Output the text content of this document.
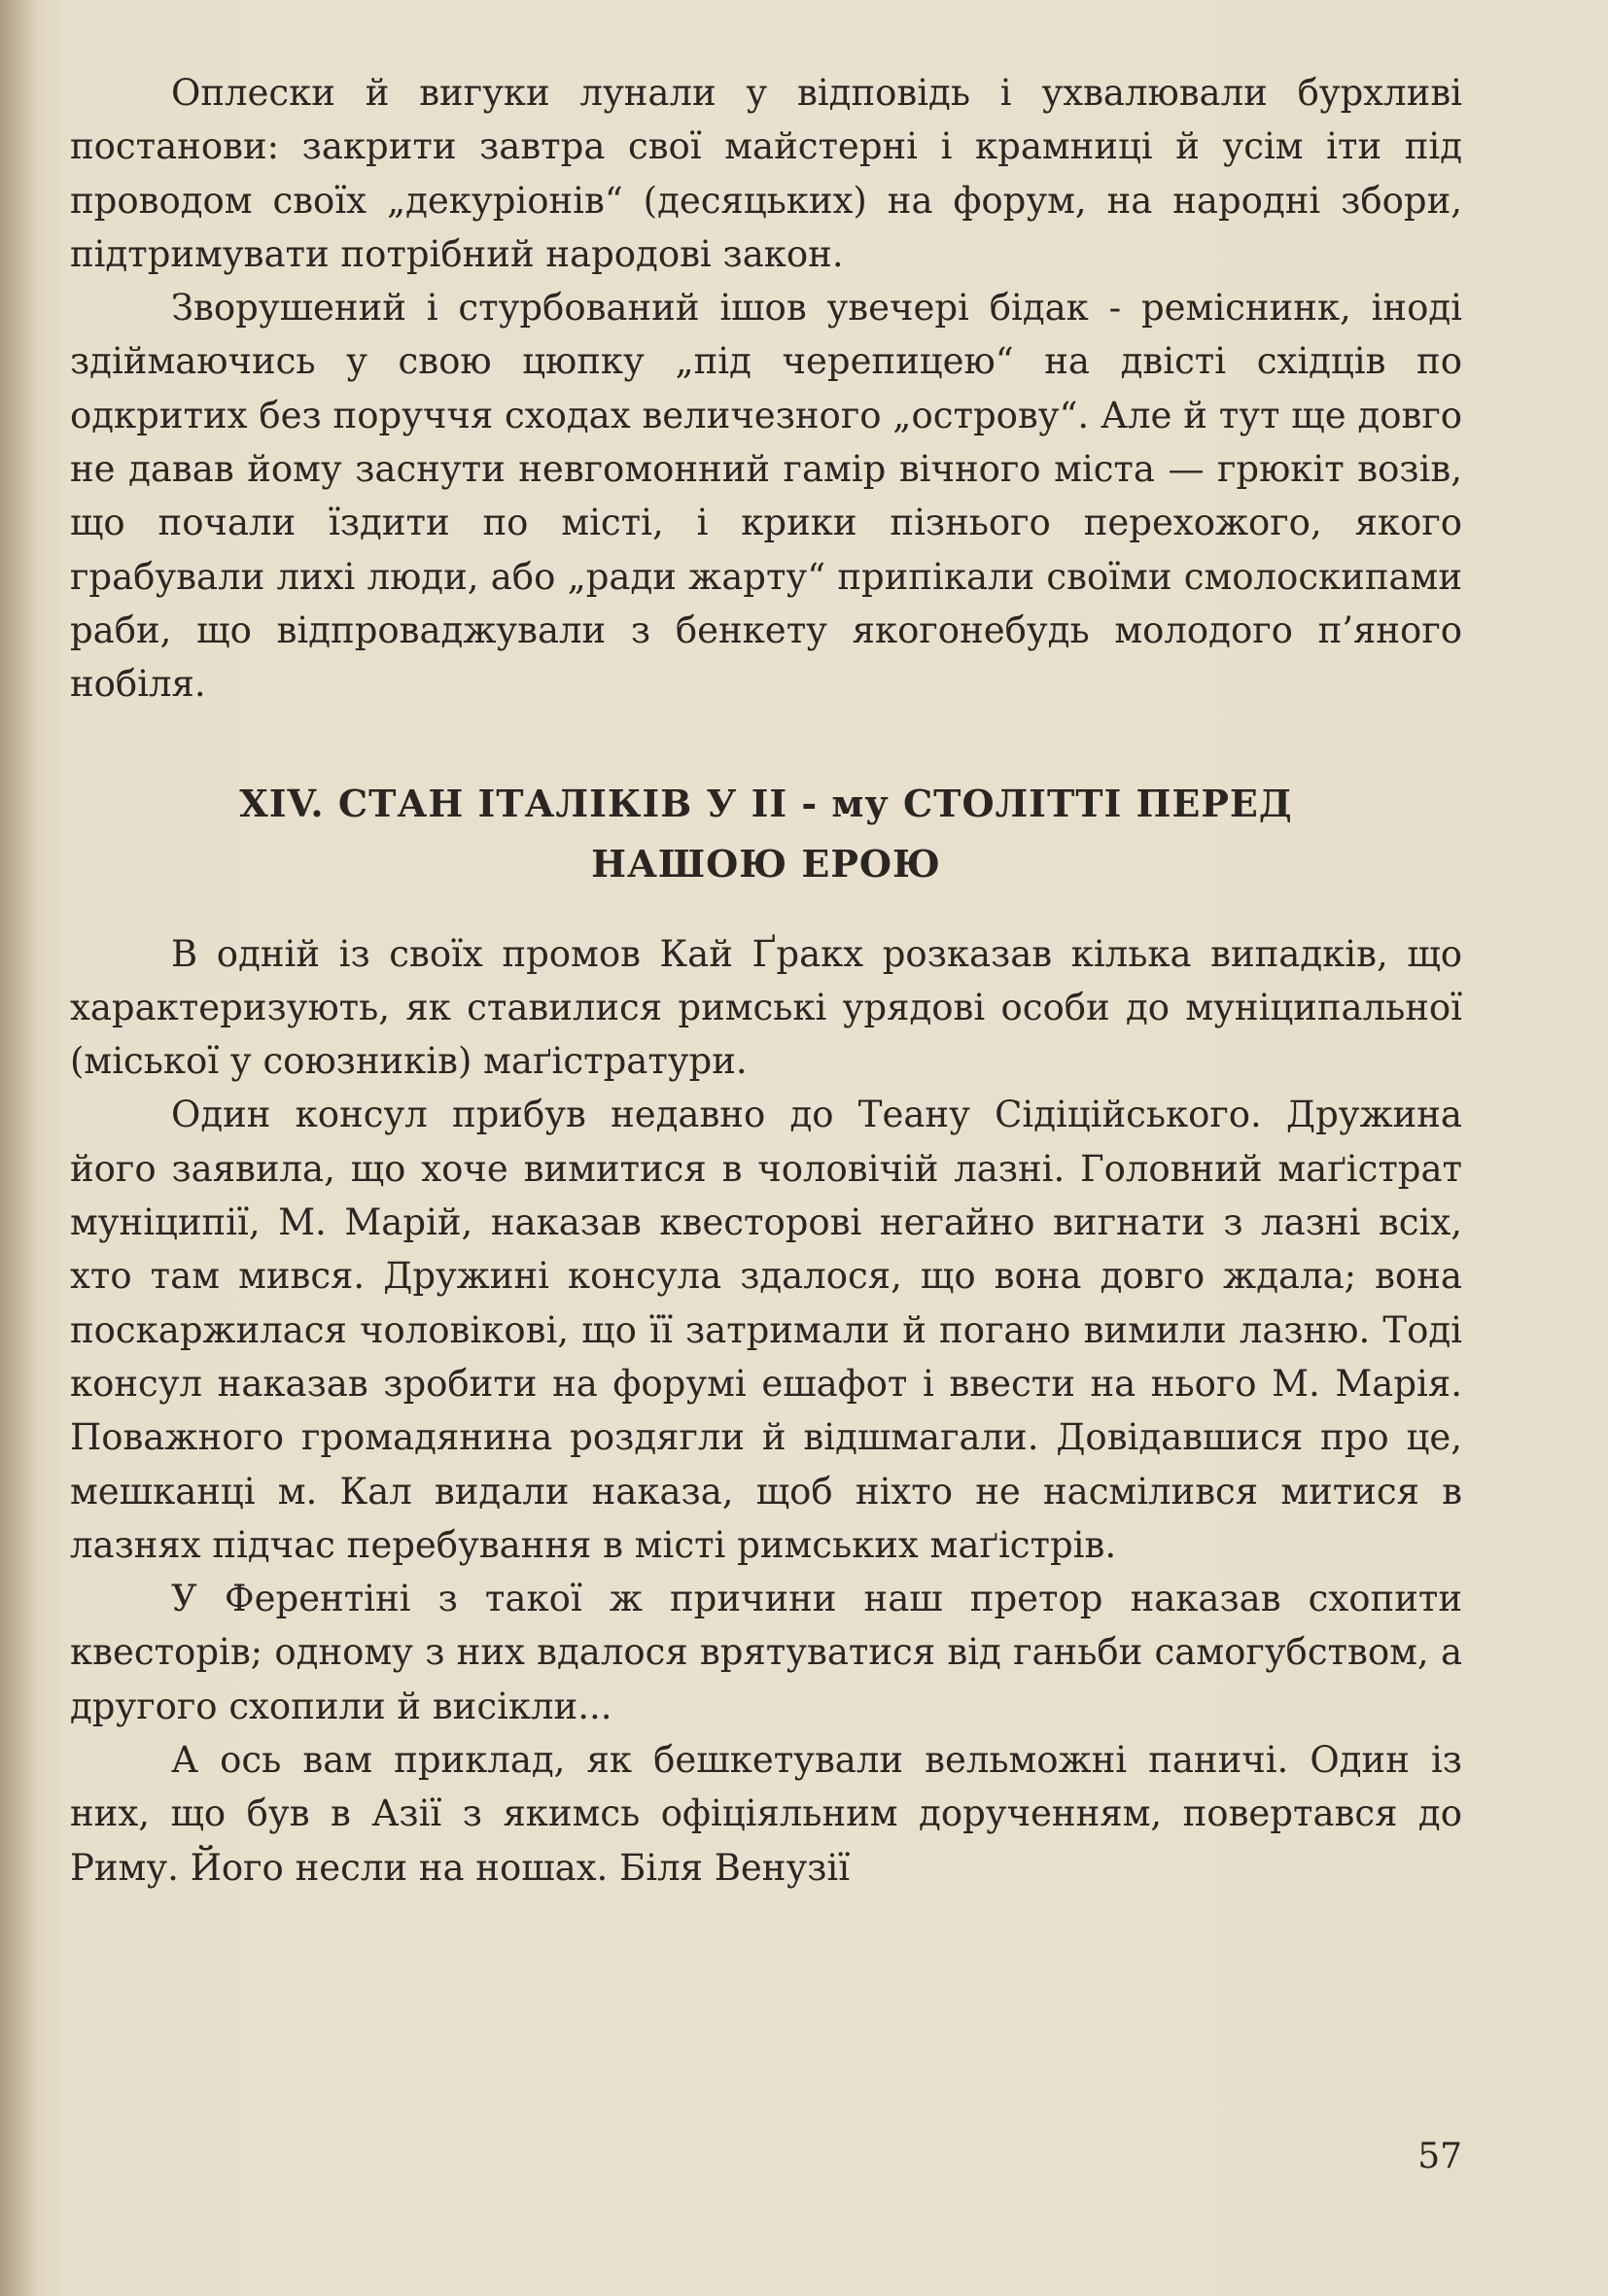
Оплески й вигуки лунали у відповідь і ухвалювали бурхливі постанови: закрити завтра свої майстерні і крамниці й усім іти під проводом своїх „декуріонів“ (десяцьких) на форум, на народні збори, підтримувати потрібний народові закон.

Зворушений і стурбований ішов увечері бідак - реміснинк, іноді здіймаючись у свою цюпку „під черепицею“ на двісті східців по одкритих без поруччя сходах величезного „острову“. Але й тут ще довго не давав йому заснути невгомонний гамір вічного міста — грюкіт возів, що почали їздити по місті, і крики пізнього перехожого, якого грабували лихі люди, або „ради жарту“ припікали своїми смолоскипами раби, що відпроваджували з бенкету якогонебудь молодого п’яного нобіля.

XIV. СТАН ІТАЛІКІВ У ІІ - му СТОЛІТТІ ПЕРЕД
НАШОЮ ЕРОЮ

В одній із своїх промов Кай Ґракх розказав кілька випадків, що характеризують, як ставилися римські урядові особи до муніципальної (міської у союзників) маґістратури.

Один консул прибув недавно до Теану Сідіційського. Дружина його заявила, що хоче вимитися в чоловічій лазні. Головний маґістрат муніципії, М. Марій, наказав квесторові негайно вигнати з лазні всіх, хто там мився. Дружині консула здалося, що вона довго ждала; вона поскаржилася чоловікові, що її затримали й погано вимили лазню. Тоді консул наказав зробити на форумі ешафот і ввести на нього М. Марія. Поважного громадянина роздягли й відшмагали. Довідавшися про це, мешканці м. Кал видали наказа, щоб ніхто не насмілився митися в лазнях підчас перебування в місті римських маґістрів.

У Ферентіні з такої ж причини наш претор наказав схопити квесторів; одному з них вдалося врятуватися від ганьби самогубством, а другого схопили й висікли...

А ось вам приклад, як бешкетували вельможні паничі. Один із них, що був в Азії з якимсь офіціяльним дорученням, повертався до Риму. Його несли на ношах. Біля Венузії

57
